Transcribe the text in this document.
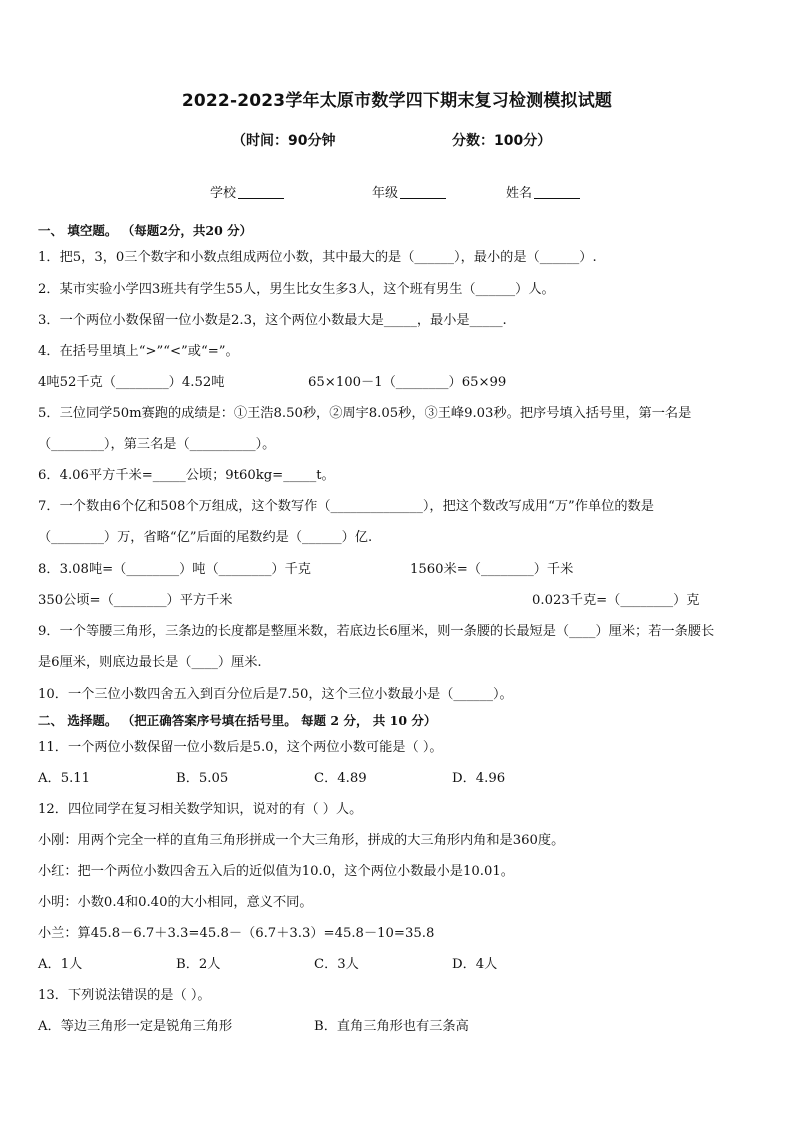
2022-2023学年太原市数学四下期末复习检测模拟试题
（时间：90分钟	分数：100分）
学校	年级	姓名
一、 填空题。 （每题2分，共20 分）
1．把5，3，0三个数字和小数点组成两位小数，其中最大的是（______），最小的是（______）.
2．某市实验小学四3班共有学生55人，男生比女生多3人，这个班有男生（______）人。
3．一个两位小数保留一位小数是2.3，这个两位小数最大是_____，最小是_____.
4．在括号里填上“>”“<”或“=”。
4吨52千克（________）4.52吨	65×100－1（________）65×99
5．三位同学50m赛跑的成绩是：①王浩8.50秒，②周宇8.05秒，③王峰9.03秒。把序号填入括号里，第一名是
（________），第三名是（__________）。
6．4.06平方千米=_____公顷；9t60kg=_____t。
7．一个数由6个亿和508个万组成，这个数写作（______________），把这个数改写成用“万”作单位的数是
（________）万，省略“亿”后面的尾数约是（______）亿.
8．3.08吨=（________）吨（________）千克	1560米=（________）千米
350公顷=（________）平方千米	0.023千克=（________）克
9．一个等腰三角形，三条边的长度都是整厘米数，若底边长6厘米，则一条腰的长最短是（____）厘米；若一条腰长
是6厘米，则底边最长是（____）厘米.
10．一个三位小数四舍五入到百分位后是7.50，这个三位小数最小是（______）。
二、 选择题。 （把正确答案序号填在括号里。 每题 2 分， 共 10 分）
11．一个两位小数保留一位小数后是5.0，这个两位小数可能是（ ）。
A．5.11	B．5.05	C．4.89	D．4.96
12．四位同学在复习相关数学知识，说对的有（ ）人。
小刚：用两个完全一样的直角三角形拼成一个大三角形，拼成的大三角形内角和是360度。
小红：把一个两位小数四舍五入后的近似值为10.0，这个两位小数最小是10.01。
小明：小数0.4和0.40的大小相同，意义不同。
小兰：算45.8－6.7＋3.3=45.8－（6.7＋3.3）=45.8－10=35.8
A．1人	B．2人	C．3人	D．4人
13．下列说法错误的是（ ）。
A．等边三角形一定是锐角三角形	B．直角三角形也有三条高
